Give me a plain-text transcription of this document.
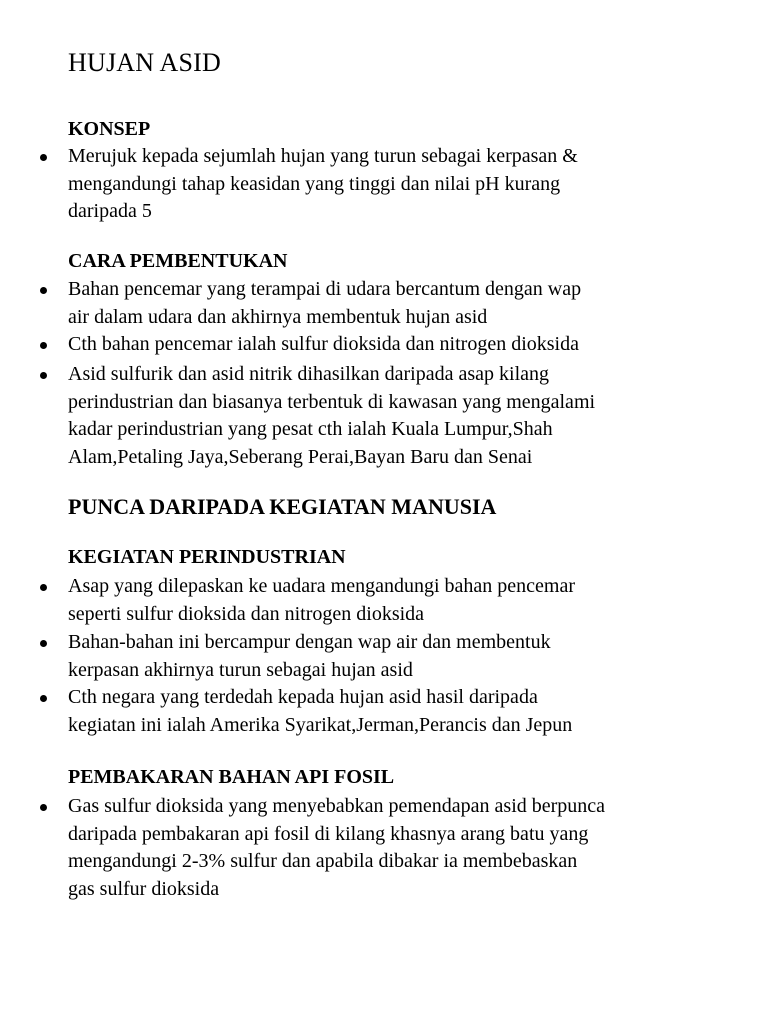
HUJAN ASID
KONSEP
Merujuk kepada sejumlah hujan yang turun sebagai kerpasan &
mengandungi tahap keasidan yang tinggi dan nilai pH kurang
daripada 5
CARA PEMBENTUKAN
Bahan pencemar yang terampai di udara bercantum dengan wap
air dalam udara dan akhirnya membentuk hujan asid
Cth bahan pencemar ialah sulfur dioksida dan nitrogen dioksida
Asid sulfurik dan asid nitrik dihasilkan daripada asap kilang
perindustrian dan biasanya terbentuk di kawasan yang mengalami
kadar perindustrian yang pesat cth ialah Kuala Lumpur,Shah
Alam,Petaling Jaya,Seberang Perai,Bayan Baru dan Senai
PUNCA DARIPADA KEGIATAN MANUSIA
KEGIATAN PERINDUSTRIAN
Asap yang dilepaskan ke uadara mengandungi bahan pencemar
seperti sulfur dioksida dan nitrogen dioksida
Bahan-bahan ini bercampur dengan wap air dan membentuk
kerpasan akhirnya turun sebagai hujan asid
Cth negara yang terdedah kepada hujan asid hasil daripada
kegiatan ini ialah Amerika Syarikat,Jerman,Perancis dan Jepun
PEMBAKARAN BAHAN API FOSIL
Gas sulfur dioksida yang menyebabkan pemendapan asid berpunca
daripada pembakaran api fosil di kilang khasnya arang batu yang
mengandungi 2-3% sulfur dan apabila dibakar ia membebaskan
gas sulfur dioksida
